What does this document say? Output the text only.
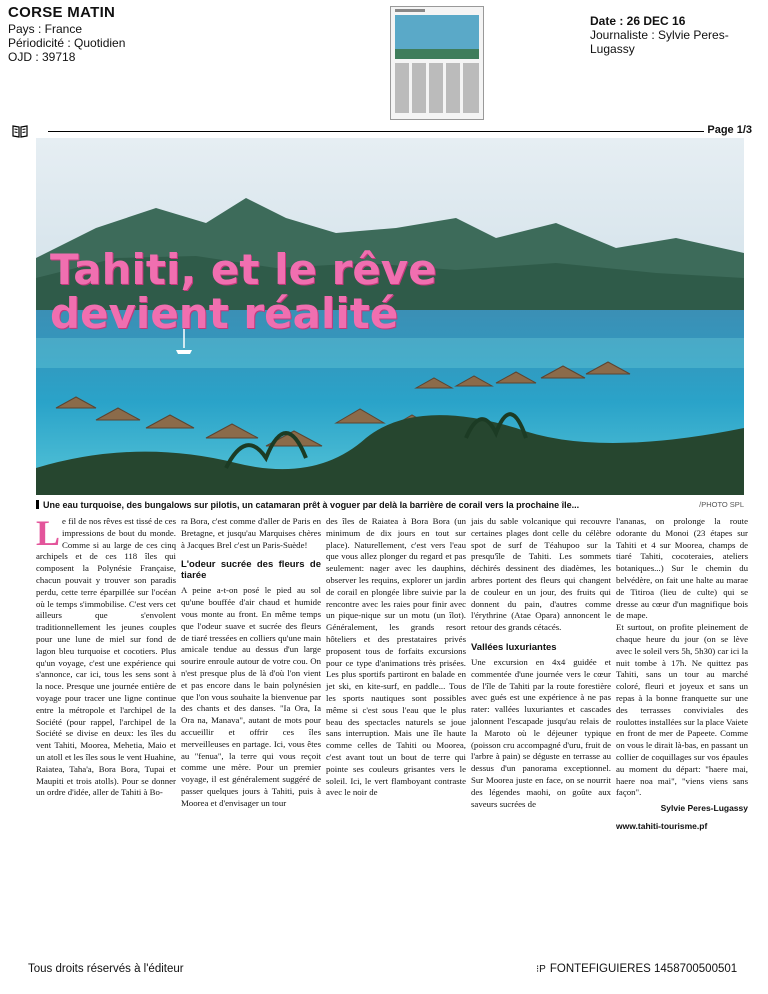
CORSE MATIN
Pays : France
Périodicité : Quotidien
OJD : 39718
Date : 26 DEC 16
Journaliste : Sylvie Peres-
Lugassy
Page 1/3
Tahiti, et le rêve
devient réalité
Une eau turquoise, des bungalows sur pilotis, un catamaran prêt à voguer par delà la barrière de corail vers la prochaine île...	/PHOTO SPL
L e fil de nos rêves est tissé de ces impressions de bout du monde. Comme si au large de ces cinq archipels et de ces 118 îles qui composent la Polynésie Française, chacun pouvait y trouver son paradis perdu, cette terre éparpillée sur l'océan où le temps s'immobilise. C'est vers cet ailleurs que s'envolent traditionnellement les jeunes couples pour une lune de miel sur fond de lagon bleu turquoise et cocotiers. Plus qu'un voyage, c'est une expérience qui s'annonce, car ici, tous les sens sont à la noce. Presque une journée entière de voyage pour tracer une ligne continue entre la métropole et l'archipel de la Société (pour rappel, l'archipel de la Société se divise en deux: les îles du vent Tahiti, Moorea, Mehetia, Maio et un atoll et les îles sous le vent Huahine, Raiatea, Taha'a, Bora Bora, Tupai et Maupiti et trois atolls). Pour se donner un ordre d'idée, aller de Tahiti à Bo-

ra Bora, c'est comme d'aller de Paris en Bretagne, et jusqu'au Marquises chères à Jacques Brel c'est un Paris-Suède!

L'odeur sucrée des fleurs de tiarée

A peine a-t-on posé le pied au sol qu'une bouffée d'air chaud et humide vous monte au front. En même temps que l'odeur suave et sucrée des fleurs de tiaré tressées en colliers qu'une main amicale tendue au dessus d'un large sourire enroule autour de votre cou. On n'est presque plus de là d'où l'on vient et pas encore dans le bain polynésien que l'on vous souhaite la bienvenue par des chants et des danses. "Ia Ora, Ia Ora na, Manava", autant de mots pour accueillir et offrir ces îles merveilleuses en partage. Ici, vous êtes au "fenua", la terre qui vous reçoit comme une mère. Pour un premier voyage, il est généralement suggéré de passer quelques jours à Tahiti, puis à Moorea et d'envisager un tour

des îles de Raiatea à Bora Bora (un minimum de dix jours en tout sur place). Naturellement, c'est vers l'eau que vous allez plonger du regard et pas seulement: nager avec les dauphins, observer les requins, explorer un jardin de corail en plongée libre suivie par la rencontre avec les raies pour finir avec un pique-nique sur un motu (un îlot). Généralement, les grands resort hôteliers et des prestataires privés proposent tous de forfaits excursions pour ce type d'animations très prisées. Les plus sportifs partiront en balade en jet ski, en kite-surf, en paddle... Tous les sports nautiques sont possibles même si c'est sous l'eau que le plus beau des spectacles naturels se joue sans interruption. Mais une île haute comme celles de Tahiti ou Moorea, c'est avant tout un bout de terre qui pointe ses couleurs grisantes vers le soleil. Ici, le vert flamboyant contraste avec le noir de

jais du sable volcanique qui recouvre certaines plages dont celle du célèbre spot de surf de Téahupoo sur la presqu'île de Tahiti. Les sommets déchirés dessinent des diadèmes, les arbres portent des fleurs qui changent de couleur en un jour, des fruits qui donnent du pain, d'autres comme l'érythrine (Atae Opara) annoncent le retour des grands cétacés.

Vallées luxuriantes

Une excursion en 4x4 guidée et commentée d'une journée vers le cœur de l'île de Tahiti par la route forestière avec gués est une expérience à ne pas rater: vallées luxuriantes et cascades jalonnent l'escapade jusqu'au relais de la Maroto où le déjeuner typique (poisson cru accompagné d'uru, fruit de l'arbre à pain) se déguste en terrasse au dessus d'un panorama exceptionnel. Sur Moorea juste en face, on se nourrit des légendes maohi, on goûte aux saveurs sucrées de

l'ananas, on prolonge la route odorante du Monoi (23 étapes sur Tahiti et 4 sur Moorea, champs de tiaré Tahiti, cocoteraies, ateliers botaniques...) Sur le chemin du belvédère, on fait une halte au marae de Titiroa (lieu de culte) qui se dresse au cœur d'un magnifique bois de mape.

Et surtout, on profite pleinement de chaque heure du jour (on se lève avec le soleil vers 5h, 5h30) car ici la nuit tombe à 17h. Ne quittez pas Tahiti, sans un tour au marché coloré, fleuri et joyeux et sans un repas à la bonne franquette sur une des terrasses conviviales des roulottes installées sur la place Vaiete en front de mer de Papeete. Comme on vous le dirait là-bas, en passant un collier de coquillages sur vos épaules au moment du départ: "haere mai, haere noa mai", "viens viens sans façon".

Sylvie Peres-Lugassy
www.tahiti-tourisme.pf
Tous droits réservés à l'éditeur	⁝P FONTEFIGUIERES 1458700500501
